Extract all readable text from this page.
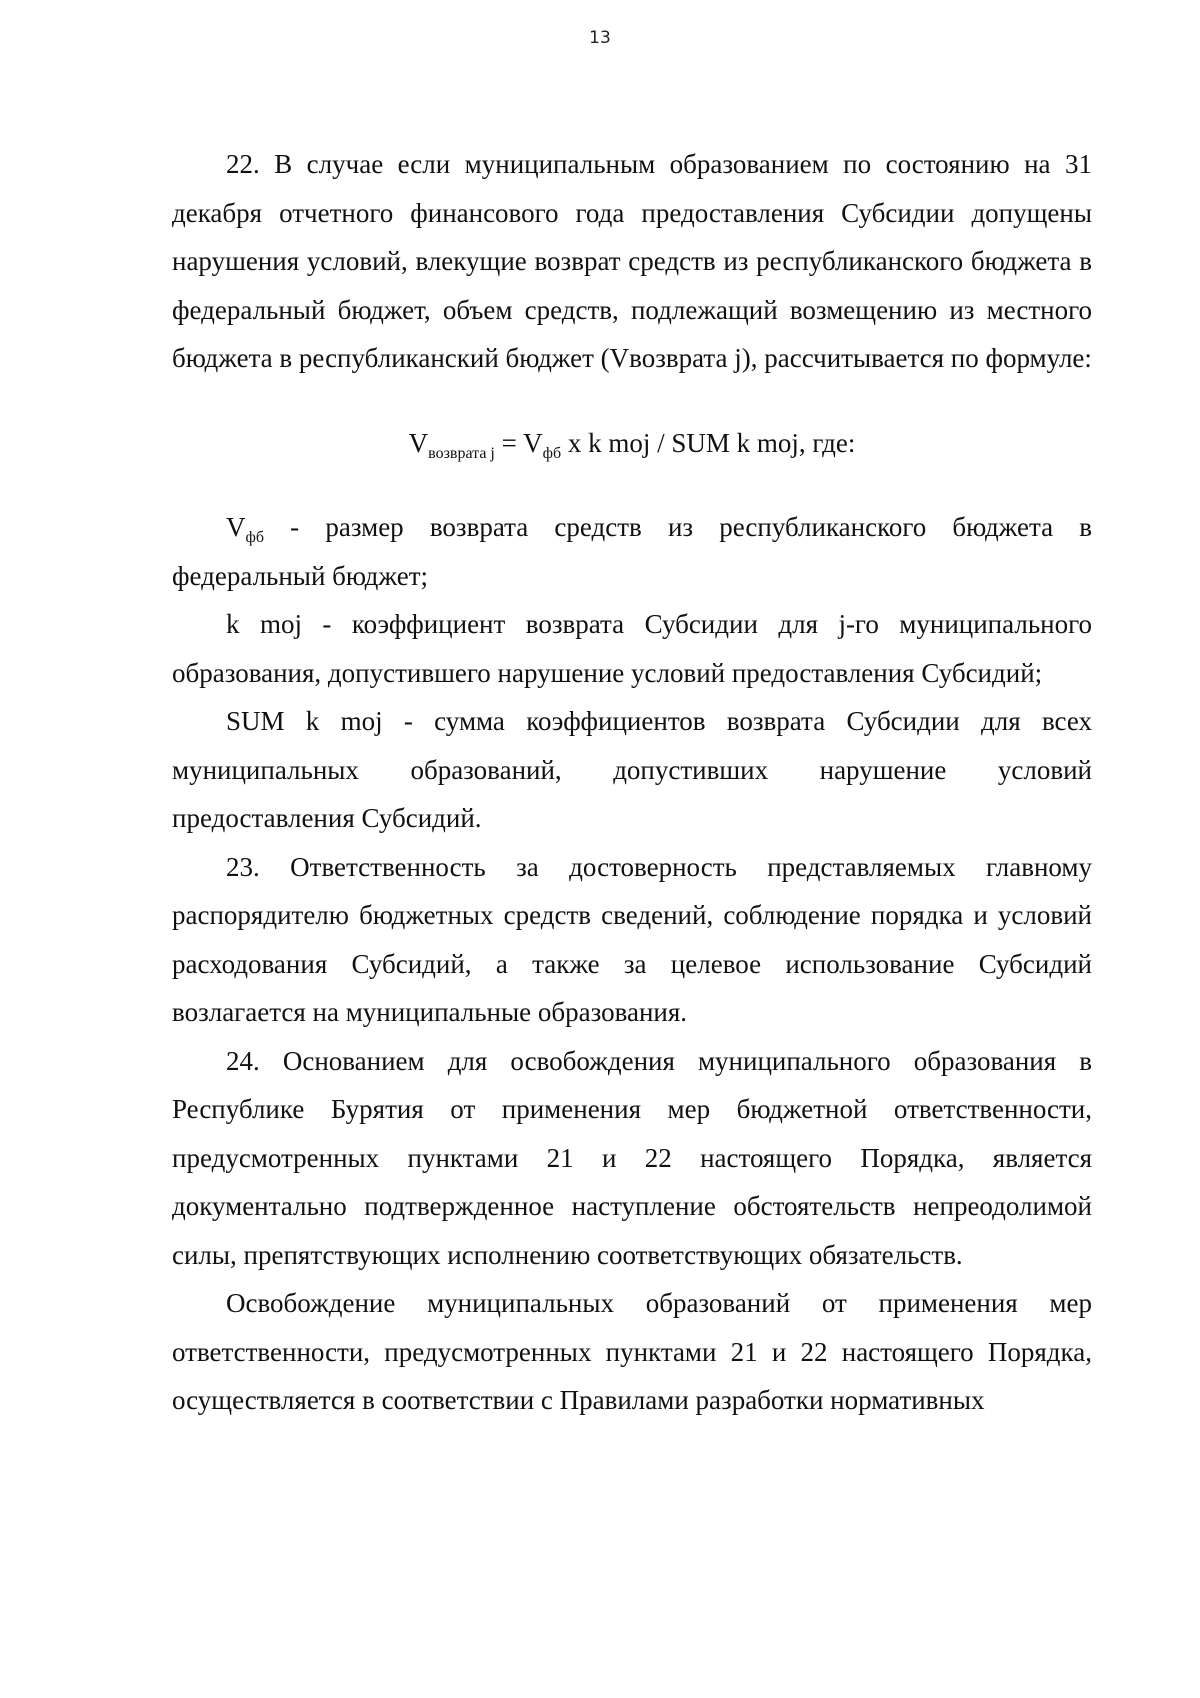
13

22. В случае если муниципальным образованием по состоянию на 31 декабря отчетного финансового года предоставления Субсидии допущены нарушения условий, влекущие возврат средств из республиканского бюджета в федеральный бюджет, объем средств, подлежащий возмещению из местного бюджета в республиканский бюджет (Vвозврата j), рассчитывается по формуле:

$V_{возврата j} = V_{фб}$ x k moj / SUM k moj, где:

$V_{фб}$ - размер возврата средств из республиканского бюджета в федеральный бюджет;

k moj - коэффициент возврата Субсидии для j-го муниципального образования, допустившего нарушение условий предоставления Субсидий;

SUM k moj - сумма коэффициентов возврата Субсидии для всех муниципальных образований, допустивших нарушение условий предоставления Субсидий.

23. Ответственность за достоверность представляемых главному распорядителю бюджетных средств сведений, соблюдение порядка и условий расходования Субсидий, а также за целевое использование Субсидий возлагается на муниципальные образования.

24. Основанием для освобождения муниципального образования в Республике Бурятия от применения мер бюджетной ответственности, предусмотренных пунктами 21 и 22 настоящего Порядка, является документально подтвержденное наступление обстоятельств непреодолимой силы, препятствующих исполнению соответствующих обязательств.

Освобождение муниципальных образований от применения мер ответственности, предусмотренных пунктами 21 и 22 настоящего Порядка, осуществляется в соответствии с Правилами разработки нормативных
